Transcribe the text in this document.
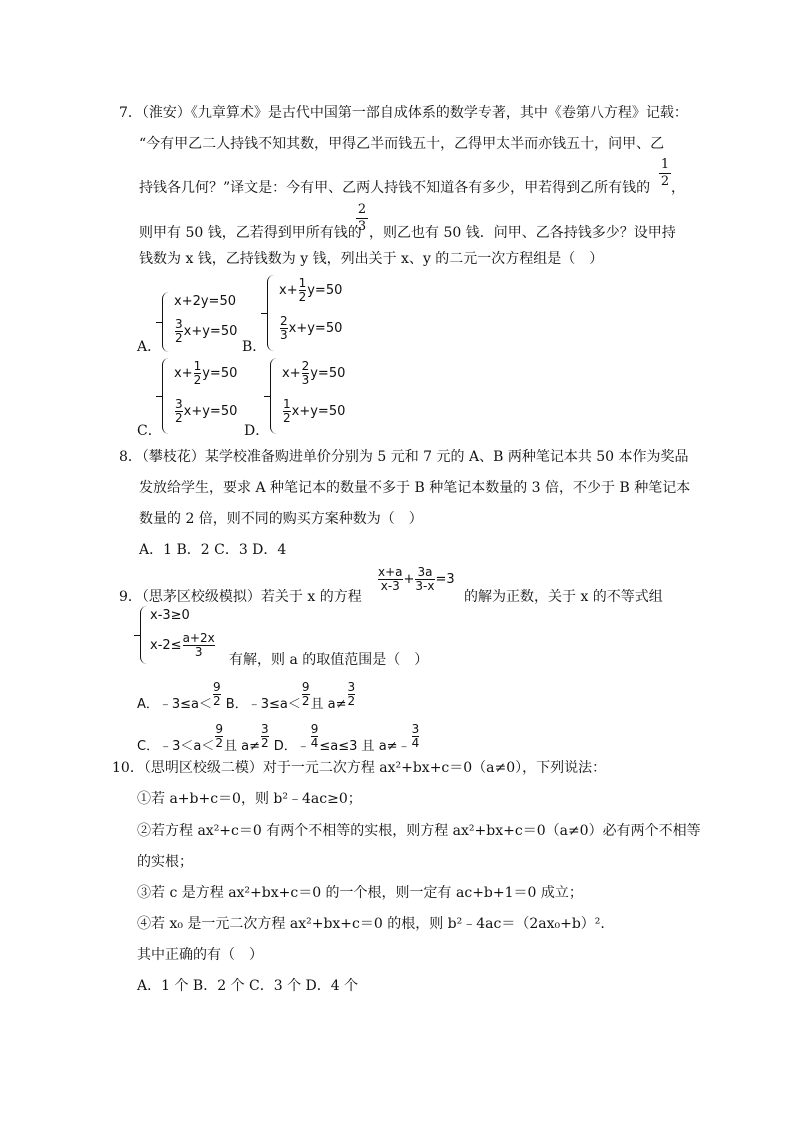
7．（淮安）《九章算术》是古代中国第一部自成体系的数学专著，其中《卷第八方程》记载：
“今有甲乙二人持钱不知其数，甲得乙半而钱五十，乙得甲太半而亦钱五十，问甲、乙
持钱各几何？”译文是：今有甲、乙两人持钱不知道各有多少，甲若得到乙所有钱的
1
2 ，
则甲有 50 钱，乙若得到甲所有钱的
2
3 ，则乙也有 50 钱．问甲、乙各持钱多少？设甲持
钱数为 x 钱，乙持钱数为 y 钱，列出关于 x、y 的二元一次方程组是（　）
A．
x+2y=50
$\frac{3}{2}x+y=50$
B．
$x+\frac{1}{2}y=50$
$\frac{2}{3}x+y=50$
C．
$x+\frac{1}{2}y=50$
$\frac{3}{2}x+y=50$
D．
$x+\frac{2}{3}y=50$
$\frac{1}{2}x+y=50$
8．（攀枝花）某学校准备购进单价分别为 5 元和 7 元的 A、B 两种笔记本共 50 本作为奖品
发放给学生，要求 A 种笔记本的数量不多于 B 种笔记本数量的 3 倍，不少于 B 种笔记本
数量的 2 倍，则不同的购买方案种数为（　）
A．1 B．2 C．3 D．4
9．（思茅区校级模拟）若关于 x 的方程
$\frac{x+a}{x-3}+\frac{3a}{3-x}=3$
的解为正数，关于 x 的不等式组
x-3≥0
$x-2\le\frac{a+2x}{3}$
有解，则 a 的取值范围是（　）
A．$﹣3\le a<\frac{9}{2}$ B．$﹣3\le a<\frac{9}{2}$且 $a\ne\frac{3}{2}$
C．$﹣3<a<\frac{9}{2}$且 $a\ne\frac{3}{2}$ D．$﹣\frac{9}{4}\le a\le 3$ 且 $a\ne﹣\frac{3}{4}$
10．（思明区校级二模）对于一元二次方程 ax²+bx+c＝0（a≠0），下列说法：
①若 a+b+c＝0，则 b²﹣4ac≥0；
②若方程 ax²+c＝0 有两个不相等的实根，则方程 ax²+bx+c＝0（a≠0）必有两个不相等
的实根；
③若 c 是方程 ax²+bx+c＝0 的一个根，则一定有 ac+b+1＝0 成立；
④若 x₀ 是一元二次方程 ax²+bx+c＝0 的根，则 b²﹣4ac＝（2ax₀+b）².
其中正确的有（　）
A．1 个 B．2 个 C．3 个 D．4 个
